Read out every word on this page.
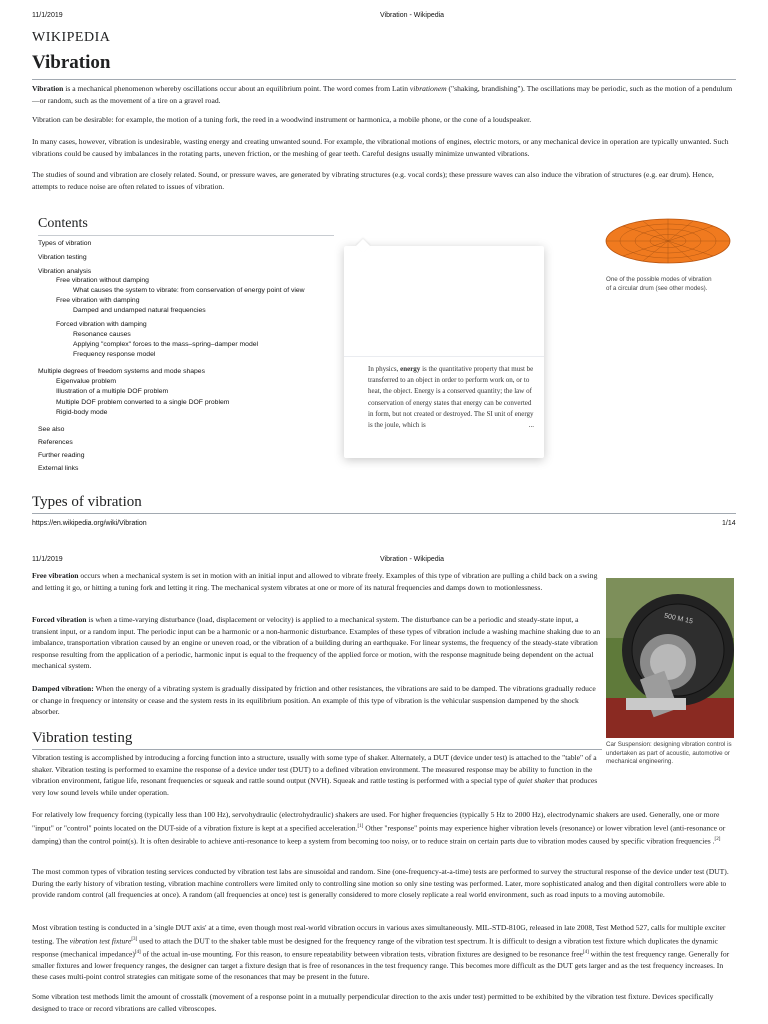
11/1/2019	Vibration - Wikipedia
WIKIPEDIA
Vibration

Vibration is a mechanical phenomenon whereby oscillations occur about an equilibrium point. The word comes from Latin vibrationem ("shaking, brandishing"). The oscillations may be periodic, such as the motion of a pendulum—or random, such as the movement of a tire on a gravel road.

Vibration can be desirable: for example, the motion of a tuning fork, the reed in a woodwind instrument or harmonica, a mobile phone, or the cone of a loudspeaker.

In many cases, however, vibration is undesirable, wasting energy and creating unwanted sound. For example, the vibrational motions of engines, electric motors, or any mechanical device in operation are typically unwanted. Such vibrations could be caused by imbalances in the rotating parts, uneven friction, or the meshing of gear teeth. Careful designs usually minimize unwanted vibrations.

The studies of sound and vibration are closely related. Sound, or pressure waves, are generated by vibrating structures (e.g. vocal cords); these pressure waves can also induce the vibration of structures (e.g. ear drum). Hence, attempts to reduce noise are often related to issues of vibration.

Contents
Types of vibration
Vibration testing
Vibration analysis
Free vibration without damping
What causes the system to vibrate: from conservation of energy point of view
Free vibration with damping
Damped and undamped natural frequencies
Forced vibration with damping
Resonance causes
Applying "complex" forces to the mass–spring–damper model
Frequency response model
Multiple degrees of freedom systems and mode shapes
Eigenvalue problem
Illustration of a multiple DOF problem
Multiple DOF problem converted to a single DOF problem
Rigid-body mode
See also
References
Further reading
External links
In physics, energy is the quantitative property that must be transferred to an object in order to perform work on, or to heat, the object. Energy is a conserved quantity; the law of conservation of energy states that energy can be converted in form, but not created or destroyed. The SI unit of energy is the joule, which is	...
One of the possible modes of vibration of a circular drum (see other modes).
Types of vibration
https://en.wikipedia.org/wiki/Vibration	1/14
11/1/2019	Vibration - Wikipedia

Free vibration occurs when a mechanical system is set in motion with an initial input and allowed to vibrate freely. Examples of this type of vibration are pulling a child back on a swing and letting it go, or hitting a tuning fork and letting it ring. The mechanical system vibrates at one or more of its natural frequencies and damps down to motionlessness.

Forced vibration is when a time-varying disturbance (load, displacement or velocity) is applied to a mechanical system. The disturbance can be a periodic and steady-state input, a transient input, or a random input. The periodic input can be a harmonic or a non-harmonic disturbance. Examples of these types of vibration include a washing machine shaking due to an imbalance, transportation vibration caused by an engine or uneven road, or the vibration of a building during an earthquake. For linear systems, the frequency of the steady-state vibration response resulting from the application of a periodic, harmonic input is equal to the frequency of the applied force or motion, with the response magnitude being dependent on the actual mechanical system.

Damped vibration: When the energy of a vibrating system is gradually dissipated by friction and other resistances, the vibrations are said to be damped. The vibrations gradually reduce or change in frequency or intensity or cease and the system rests in its equilibrium position. An example of this type of vibration is the vehicular suspension dampened by the shock absorber.

500 M 15
Car Suspension: designing vibration control is undertaken as part of acoustic, automotive or mechanical engineering.
Vibration testing

Vibration testing is accomplished by introducing a forcing function into a structure, usually with some type of shaker. Alternately, a DUT (device under test) is attached to the "table" of a shaker. Vibration testing is performed to examine the response of a device under test (DUT) to a defined vibration environment. The measured response may be ability to function in the vibration environment, fatigue life, resonant frequencies or squeak and rattle sound output (NVH). Squeak and rattle testing is performed with a special type of quiet shaker that produces very low sound levels while under operation.

For relatively low frequency forcing (typically less than 100 Hz), servohydraulic (electrohydraulic) shakers are used. For higher frequencies (typically 5 Hz to 2000 Hz), electrodynamic shakers are used. Generally, one or more "input" or "control" points located on the DUT-side of a vibration fixture is kept at a specified acceleration.[1] Other "response" points may experience higher vibration levels (resonance) or lower vibration level (anti-resonance or damping) than the control point(s). It is often desirable to achieve anti-resonance to keep a system from becoming too noisy, or to reduce strain on certain parts due to vibration modes caused by specific vibration frequencies .[2]

The most common types of vibration testing services conducted by vibration test labs are sinusoidal and random. Sine (one-frequency-at-a-time) tests are performed to survey the structural response of the device under test (DUT). During the early history of vibration testing, vibration machine controllers were limited only to controlling sine motion so only sine testing was performed. Later, more sophisticated analog and then digital controllers were able to provide random control (all frequencies at once). A random (all frequencies at once) test is generally considered to more closely replicate a real world environment, such as road inputs to a moving automobile.

Most vibration testing is conducted in a 'single DUT axis' at a time, even though most real-world vibration occurs in various axes simultaneously. MIL-STD-810G, released in late 2008, Test Method 527, calls for multiple exciter testing. The vibration test fixture[3] used to attach the DUT to the shaker table must be designed for the frequency range of the vibration test spectrum. It is difficult to design a vibration test fixture which duplicates the dynamic response (mechanical impedance)[4] of the actual in-use mounting. For this reason, to ensure repeatability between vibration tests, vibration fixtures are designed to be resonance free[4] within the test frequency range. Generally for smaller fixtures and lower frequency ranges, the designer can target a fixture design that is free of resonances in the test frequency range. This becomes more difficult as the DUT gets larger and as the test frequency increases. In these cases multi-point control strategies can mitigate some of the resonances that may be present in the future.

Some vibration test methods limit the amount of crosstalk (movement of a response point in a mutually perpendicular direction to the axis under test) permitted to be exhibited by the vibration test fixture. Devices specifically designed to trace or record vibrations are called vibroscopes.
